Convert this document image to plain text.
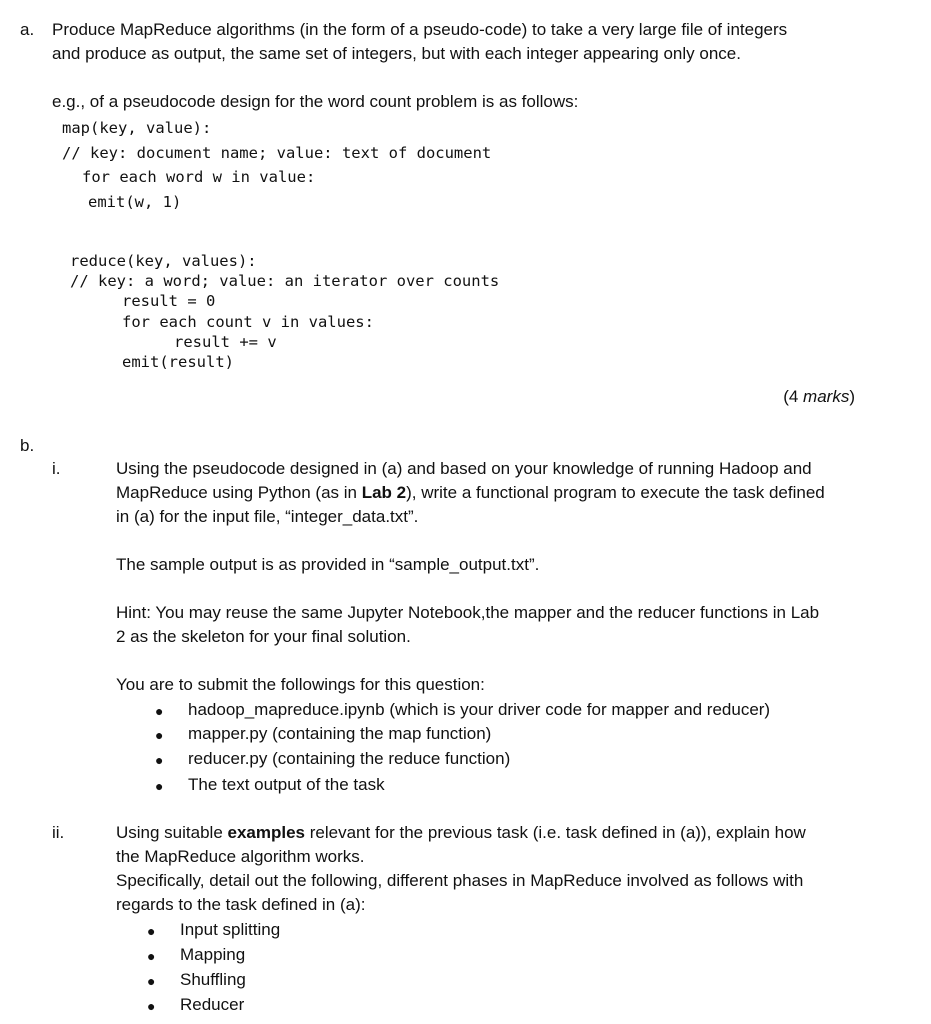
a. Produce MapReduce algorithms (in the form of a pseudo-code) to take a very large file of integers
and produce as output, the same set of integers, but with each integer appearing only once.
e.g., of a pseudocode design for the word count problem is as follows:
map(key, value):
// key: document name; value: text of document
for each word w in value:
emit(w, 1)
reduce(key, values):
// key: a word; value: an iterator over counts
result = 0
for each count v in values:
result += v
emit(result)
(4 marks)
b.
i.	Using the pseudocode designed in (a) and based on your knowledge of running Hadoop and
MapReduce using Python (as in Lab 2), write a functional program to execute the task defined
in (a) for the input file, “integer_data.txt”.
The sample output is as provided in “sample_output.txt”.
Hint: You may reuse the same Jupyter Notebook,the mapper and the reducer functions in Lab
2 as the skeleton for your final solution.
You are to submit the followings for this question:
● hadoop_mapreduce.ipynb (which is your driver code for mapper and reducer)
● mapper.py (containing the map function)
● reducer.py (containing the reduce function)
● The text output of the task
ii.	Using suitable examples relevant for the previous task (i.e. task defined in (a)), explain how
the MapReduce algorithm works.
Specifically, detail out the following, different phases in MapReduce involved as follows with
regards to the task defined in (a):
● Input splitting
● Mapping
● Shuffling
● Reducer
